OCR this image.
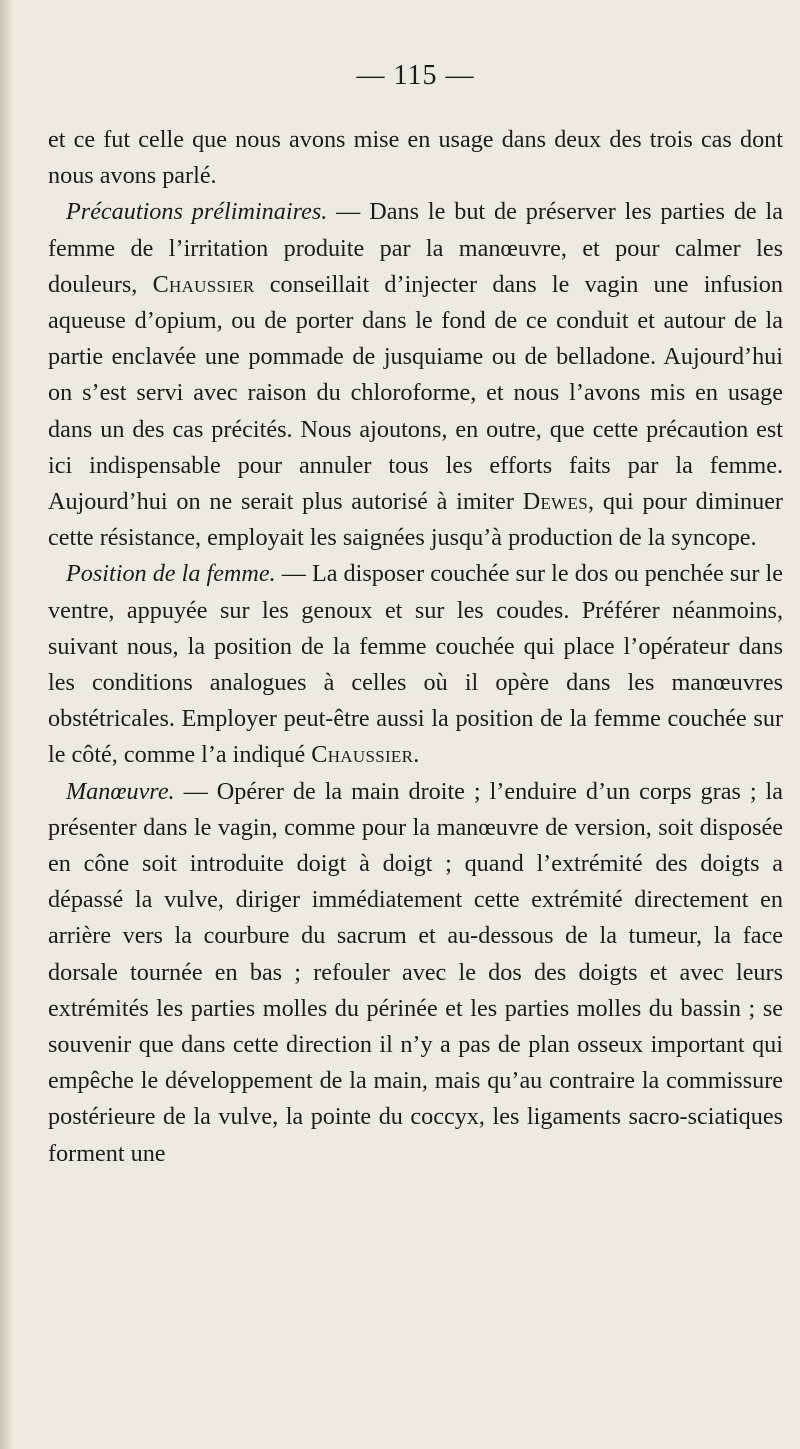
— 115 —

et ce fut celle que nous avons mise en usage dans deux des trois cas dont nous avons parlé.

Précautions préliminaires. — Dans le but de préserver les parties de la femme de l’irritation produite par la manœuvre, et pour calmer les douleurs, Chaussier conseillait d’injecter dans le vagin une infusion aqueuse d’opium, ou de porter dans le fond de ce conduit et autour de la partie enclavée une pommade de jusquiame ou de belladone. Aujourd’hui on s’est servi avec raison du chloroforme, et nous l’avons mis en usage dans un des cas précités. Nous ajoutons, en outre, que cette précaution est ici indispensable pour annuler tous les efforts faits par la femme. Aujourd’hui on ne serait plus autorisé à imiter Dewes, qui pour diminuer cette résistance, employait les saignées jusqu’à production de la syncope.

Position de la femme. — La disposer couchée sur le dos ou penchée sur le ventre, appuyée sur les genoux et sur les coudes. Préférer néanmoins, suivant nous, la position de la femme couchée qui place l’opérateur dans les conditions analogues à celles où il opère dans les manœuvres obstétricales. Employer peut-être aussi la position de la femme couchée sur le côté, comme l’a indiqué Chaussier.

Manœuvre. — Opérer de la main droite ; l’enduire d’un corps gras ; la présenter dans le vagin, comme pour la manœuvre de version, soit disposée en cône soit introduite doigt à doigt ; quand l’extrémité des doigts a dépassé la vulve, diriger immédiatement cette extrémité directement en arrière vers la courbure du sacrum et au-dessous de la tumeur, la face dorsale tournée en bas ; refouler avec le dos des doigts et avec leurs extrémités les parties molles du périnée et les parties molles du bassin ; se souvenir que dans cette direction il n’y a pas de plan osseux important qui empêche le développement de la main, mais qu’au contraire la commissure postérieure de la vulve, la pointe du coccyx, les ligaments sacro-sciatiques forment une
